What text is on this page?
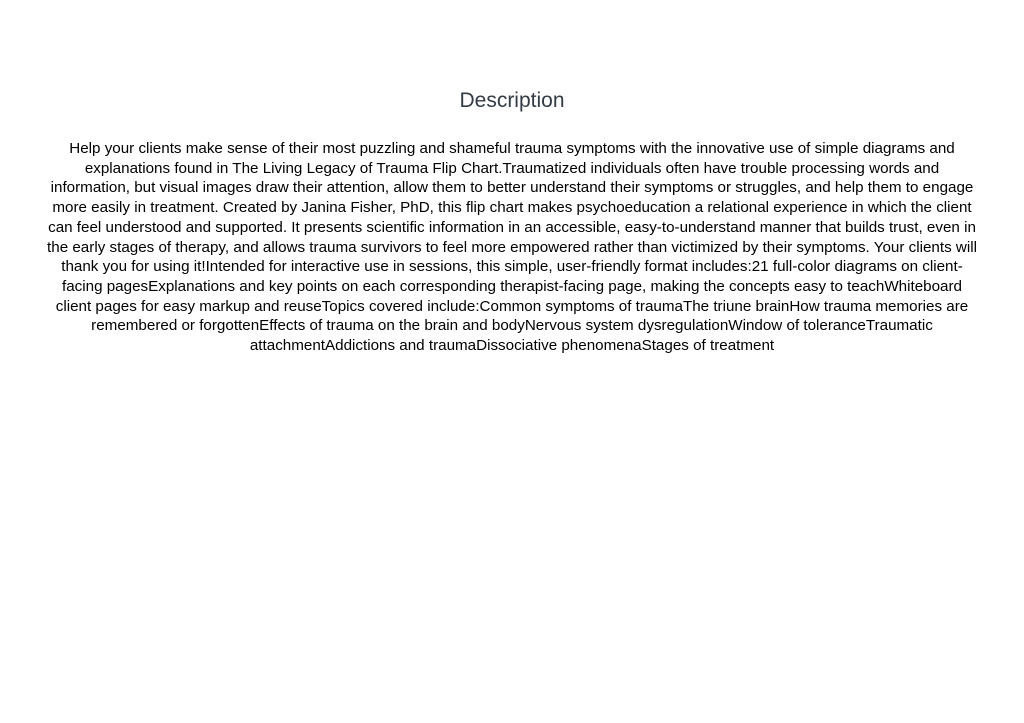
Description
Help your clients make sense of their most puzzling and shameful trauma symptoms with the innovative use of simple diagrams and explanations found in The Living Legacy of Trauma Flip Chart.Traumatized individuals often have trouble processing words and information, but visual images draw their attention, allow them to better understand their symptoms or struggles, and help them to engage more easily in treatment. Created by Janina Fisher, PhD, this flip chart makes psychoeducation a relational experience in which the client can feel understood and supported. It presents scientific information in an accessible, easy-to-understand manner that builds trust, even in the early stages of therapy, and allows trauma survivors to feel more empowered rather than victimized by their symptoms. Your clients will thank you for using it!Intended for interactive use in sessions, this simple, user-friendly format includes:21 full-color diagrams on client-facing pagesExplanations and key points on each corresponding therapist-facing page, making the concepts easy to teachWhiteboard client pages for easy markup and reuseTopics covered include:Common symptoms of traumaThe triune brainHow trauma memories are remembered or forgottenEffects of trauma on the brain and bodyNervous system dysregulationWindow of toleranceTraumatic attachmentAddictions and traumaDissociative phenomenaStages of treatment
